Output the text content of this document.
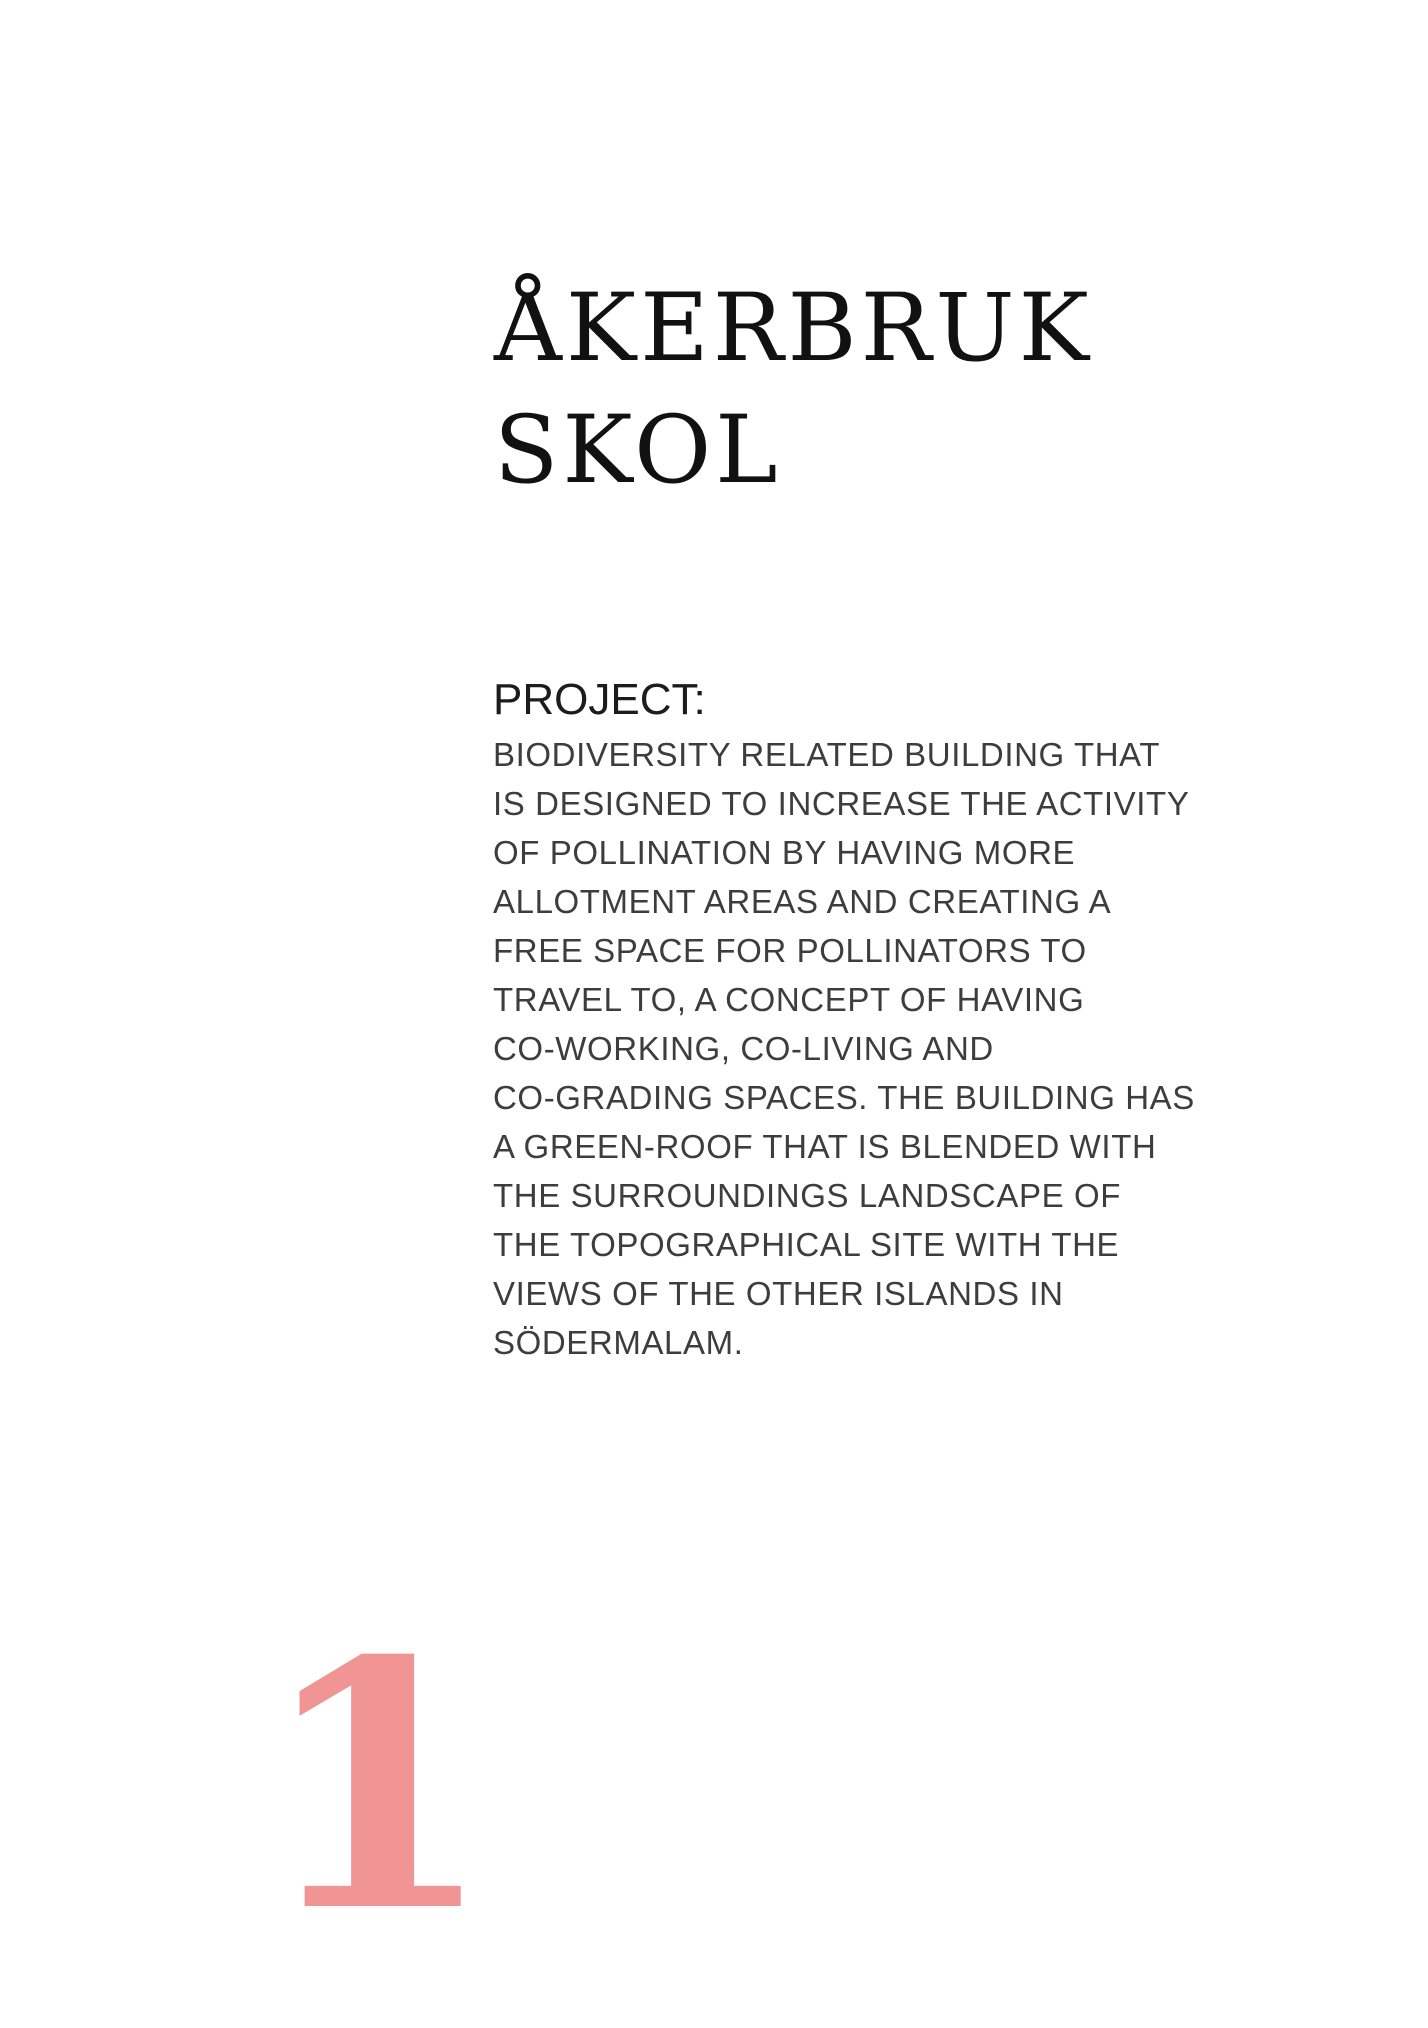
ÅKERBRUK
SKOL
PROJECT:

BIODIVERSITY RELATED BUILDING THAT
IS DESIGNED TO INCREASE THE ACTIVITY
OF POLLINATION BY HAVING MORE
ALLOTMENT AREAS AND CREATING A
FREE SPACE FOR POLLINATORS TO
TRAVEL TO, A CONCEPT OF HAVING
CO-WORKING, CO-LIVING AND
CO-GRADING SPACES. THE BUILDING HAS
A GREEN-ROOF THAT IS BLENDED WITH
THE SURROUNDINGS LANDSCAPE OF
THE TOPOGRAPHICAL SITE WITH THE
VIEWS OF THE OTHER ISLANDS IN
SÖDERMALAM.

1
